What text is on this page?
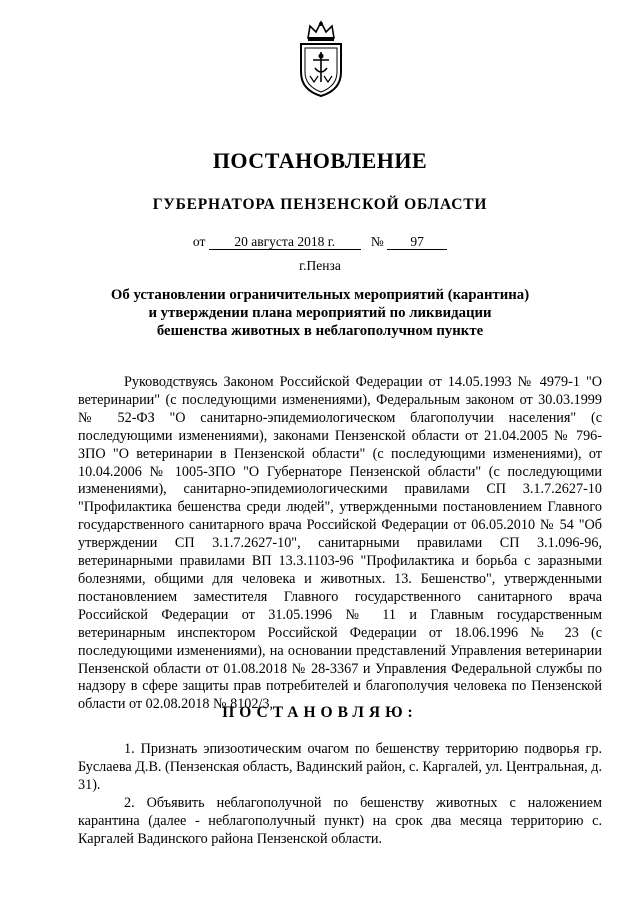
ПОСТАНОВЛЕНИЕ
ГУБЕРНАТОРА ПЕНЗЕНСКОЙ ОБЛАСТИ
от 20 августа 2018 г.	№ 97
г.Пенза
Об установлении ограничительных мероприятий (карантина)
и утверждении плана мероприятий по ликвидации
бешенства животных в неблагополучном пункте

Руководствуясь Законом Российской Федерации от 14.05.1993 № 4979-1 "О ветеринарии" (с последующими изменениями), Федеральным законом от 30.03.1999 № 52-ФЗ "О санитарно-эпидемиологическом благополучии населения" (с последующими изменениями), законами Пензенской области от 21.04.2005 № 796-ЗПО "О ветеринарии в Пензенской области" (с последующими изменениями), от 10.04.2006 № 1005-ЗПО "О Губернаторе Пензенской области" (с последующими изменениями), санитарно-эпидемиологическими правилами СП 3.1.7.2627-10 "Профилактика бешенства среди людей", утвержденными постановлением Главного государственного санитарного врача Российской Федерации от 06.05.2010 № 54 "Об утверждении СП 3.1.7.2627-10", санитарными правилами СП 3.1.096-96, ветеринарными правилами ВП 13.3.1103-96 "Профилактика и борьба с заразными болезнями, общими для человека и животных. 13. Бешенство", утвержденными постановлением заместителя Главного государственного санитарного врача Российской Федерации от 31.05.1996 № 11 и Главным государственным ветеринарным инспектором Российской Федерации от 18.06.1996 № 23 (с последующими изменениями), на основании представлений Управления ветеринарии Пензенской области от 01.08.2018 № 28-3367 и Управления Федеральной службы по надзору в сфере защиты прав потребителей и благополучия человека по Пензенской области от 02.08.2018 № 8102/3,

ПОСТАНОВЛЯЮ:

1. Признать эпизоотическим очагом по бешенству территорию подворья гр. Буслаева Д.В. (Пензенская область, Вадинский район, с. Каргалей, ул. Центральная, д. 31).

2. Объявить неблагополучной по бешенству животных с наложением карантина (далее - неблагополучный пункт) на срок два месяца территорию с. Каргалей Вадинского района Пензенской области.
